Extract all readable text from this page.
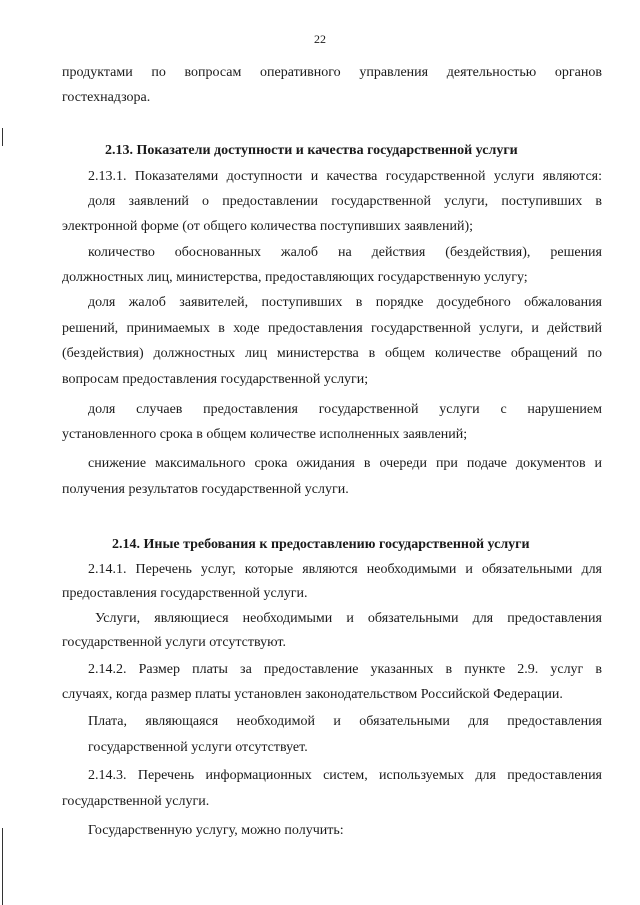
22
продуктами по вопросам оперативного управления деятельностью органов
гостехнадзора.
2.13. Показатели доступности и качества государственной услуги
2.13.1. Показателями доступности и качества государственной услуги являются:
доля заявлений о предоставлении государственной услуги, поступивших в
электронной форме (от общего количества поступивших заявлений);
количество обоснованных жалоб на действия (бездействия), решения
должностных лиц, министерства, предоставляющих государственную услугу;
доля жалоб заявителей, поступивших в порядке досудебного обжалования
решений, принимаемых в ходе предоставления государственной услуги, и действий
(бездействия) должностных лиц министерства в общем количестве обращений по
вопросам предоставления государственной услуги;
доля случаев предоставления государственной услуги с нарушением
установленного срока в общем количестве исполненных заявлений;
снижение максимального срока ожидания в очереди при подаче документов и
получения результатов государственной услуги.
2.14. Иные требования к предоставлению государственной услуги
2.14.1. Перечень услуг, которые являются необходимыми и обязательными для
предоставления государственной услуги.
Услуги, являющиеся необходимыми и обязательными для предоставления
государственной услуги отсутствуют.
2.14.2. Размер платы за предоставление указанных в пункте 2.9. услуг в
случаях, когда размер платы установлен законодательством Российской Федерации.
Плата, являющаяся необходимой и обязательными для предоставления
государственной услуги отсутствует.
2.14.3. Перечень информационных систем, используемых для предоставления
государственной услуги.
Государственную услугу, можно получить:
